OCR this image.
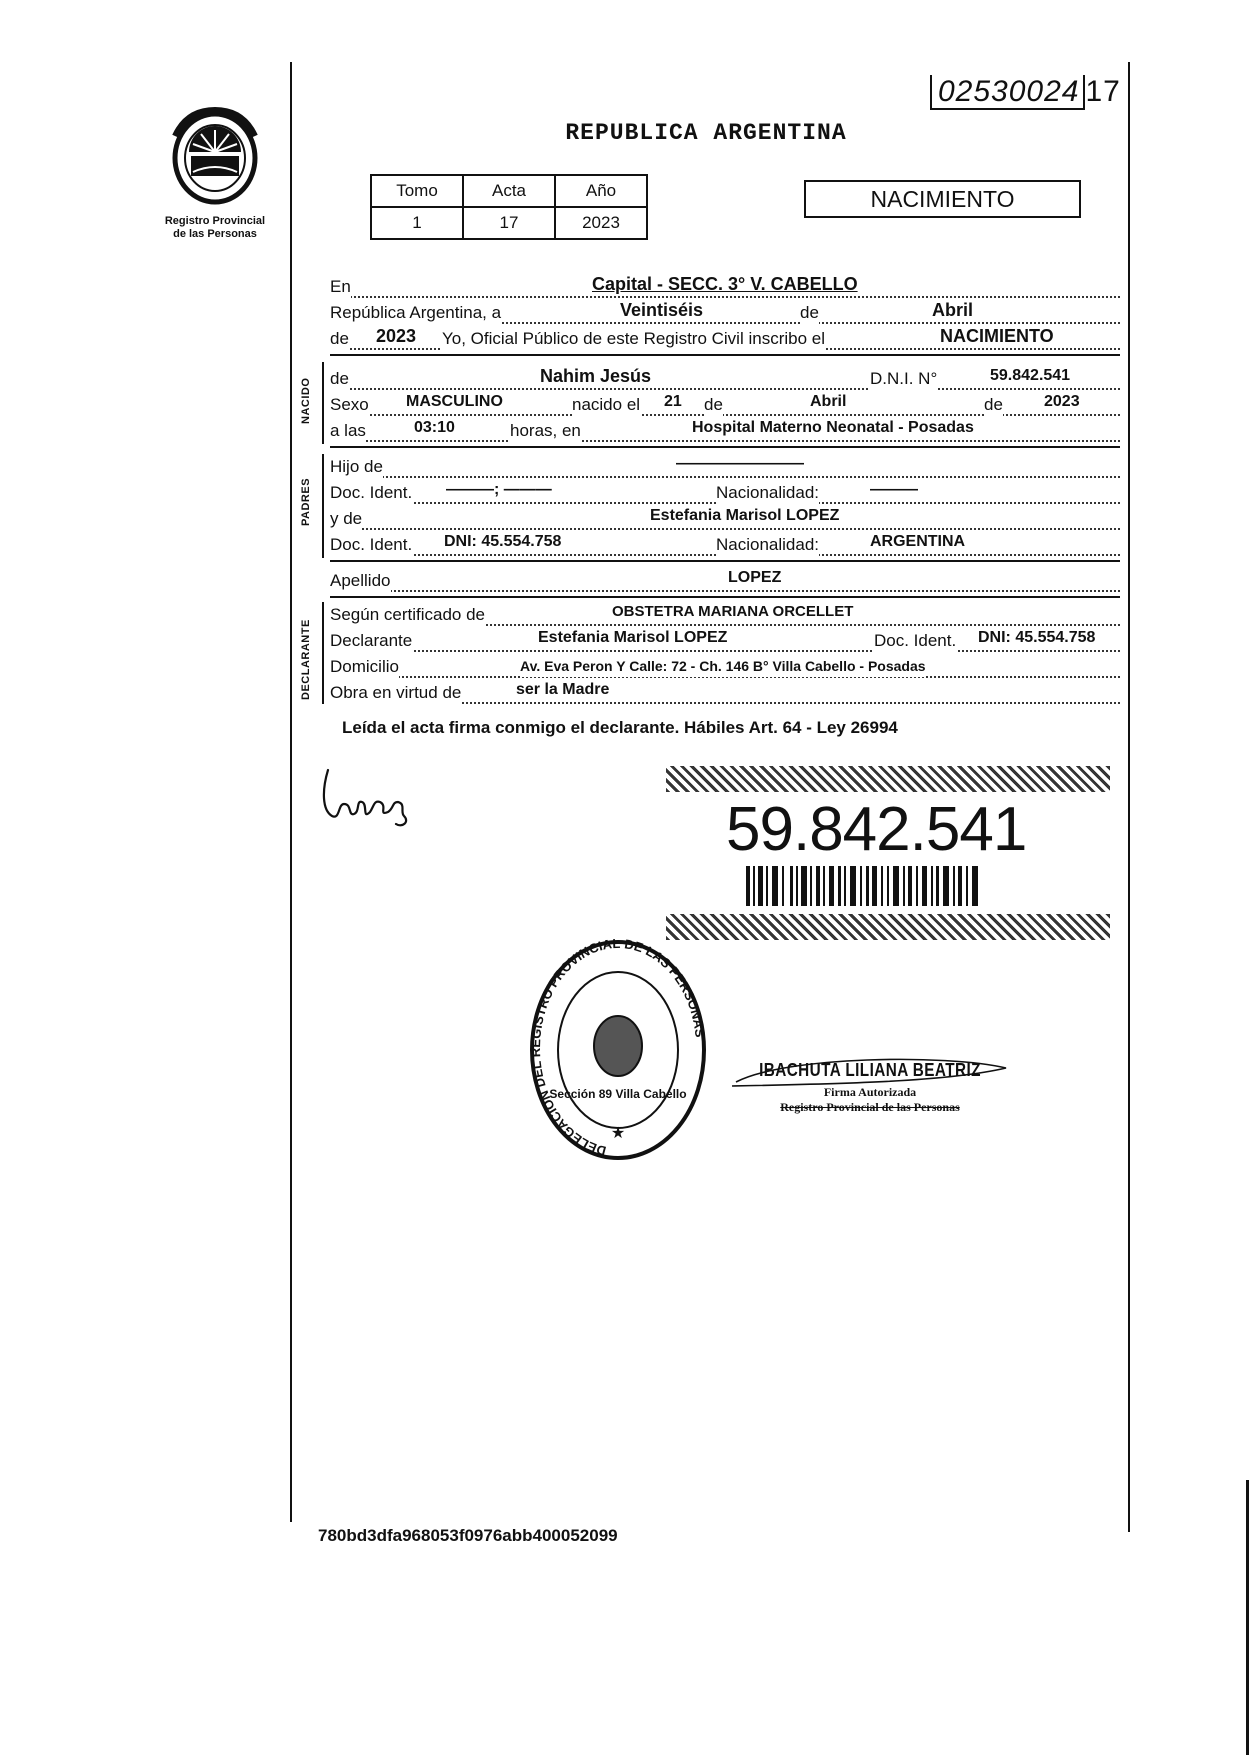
02530024 17
Registro Provincial
de las Personas
REPUBLICA ARGENTINA
Tomo	Acta	Año
1	17	2023
NACIMIENTO
En	Capital - SECC. 3° V. CABELLO
República Argentina, a	Veintiséis	de	Abril
de 2023 Yo, Oficial Público de este Registro Civil inscribo el	NACIMIENTO
NACIDO de	Nahim Jesús	D.N.I. N°	59.842.541
Sexo MASCULINO	nacido el 21 de	Abril	de	2023
a las	03:10	horas, en	Hospital Materno Neonatal - Posadas
PADRES
Hijo de	————————
Doc. Ident. ———; ———	Nacionalidad:	———
y de	Estefania Marisol LOPEZ
Doc. Ident. DNI: 45.554.758	Nacionalidad:	ARGENTINA
Apellido	LOPEZ
DECLARANTE
Según certificado de	OBSTETRA MARIANA ORCELLET
Declarante	Estefania Marisol LOPEZ	Doc. Ident. DNI: 45.554.758
Domicilio	Av. Eva Peron Y Calle: 72 - Ch. 146 B° Villa Cabello - Posadas
Obra en virtud de	ser la Madre
Leída el acta firma conmigo el declarante. Hábiles Art. 64 - Ley 26994
59.842.541
DELEGACION DEL REGISTRO PROVINCIAL DE LAS PERSONAS
★
Sección 89 Villa Cabello
IBACHUTA LILIANA BEATRIZ
Firma Autorizada
Registro Provincial de las Personas
780bd3dfa968053f0976abb400052099
